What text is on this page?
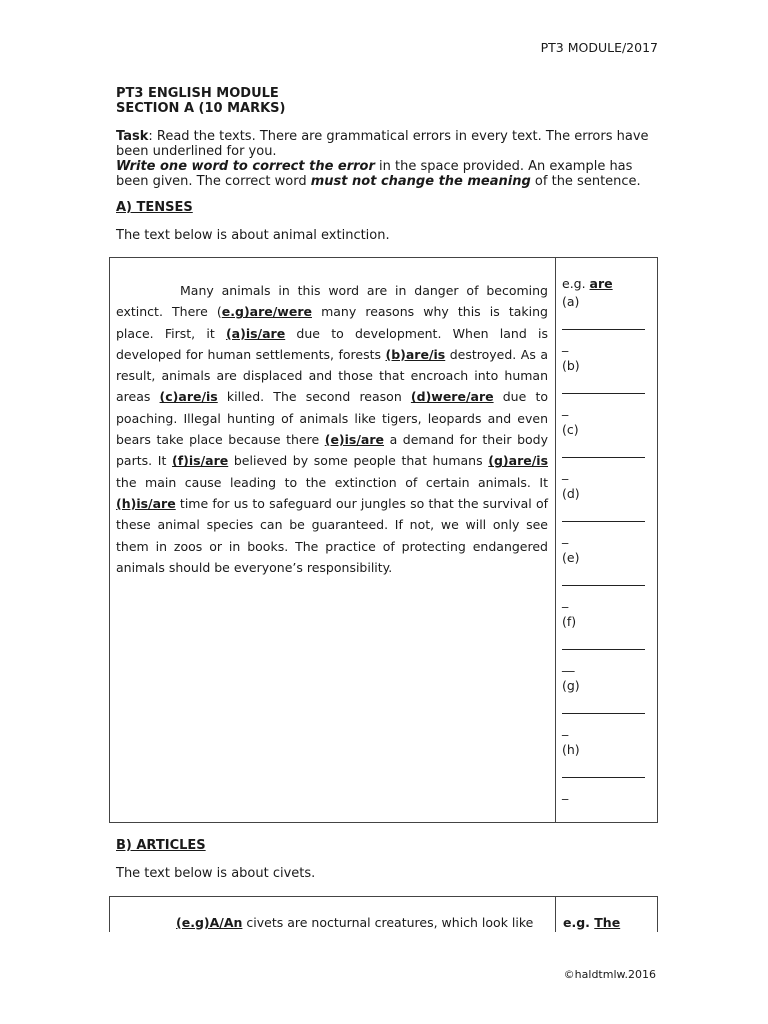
PT3 MODULE/2017
PT3 ENGLISH MODULE
SECTION A (10 MARKS)
Task: Read the texts. There are grammatical errors in every text. The errors have been underlined for you.
Write one word to correct the error in the space provided. An example has been given. The correct word must not change the meaning of the sentence.
A) TENSES
The text below is about animal extinction.
Many animals in this word are in danger of becoming extinct. There (e.g)are/were many reasons why this is taking place. First, it (a)is/are due to development. When land is developed for human settlements, forests (b)are/is destroyed. As a result, animals are displaced and those that encroach into human areas (c)are/is killed. The second reason (d)were/are due to poaching. Illegal hunting of animals like tigers, leopards and even bears take place because there (e)is/are a demand for their body parts. It (f)is/are believed by some people that humans (g)are/is the main cause leading to the extinction of certain animals. It (h)is/are time for us to safeguard our jungles so that the survival of these animal species can be guaranteed. If not, we will only see them in zoos or in books. The practice of protecting endangered animals should be everyone’s responsibility.
e.g. are
(a)
_
(b)
_
(c)
_
(d)
_
(e)
_
(f)
__
(g)
_
(h)
_
B) ARTICLES
The text below is about civets.
(e.g)A/An civets are nocturnal creatures, which look like e.g. The
©haldtmlw.2016
